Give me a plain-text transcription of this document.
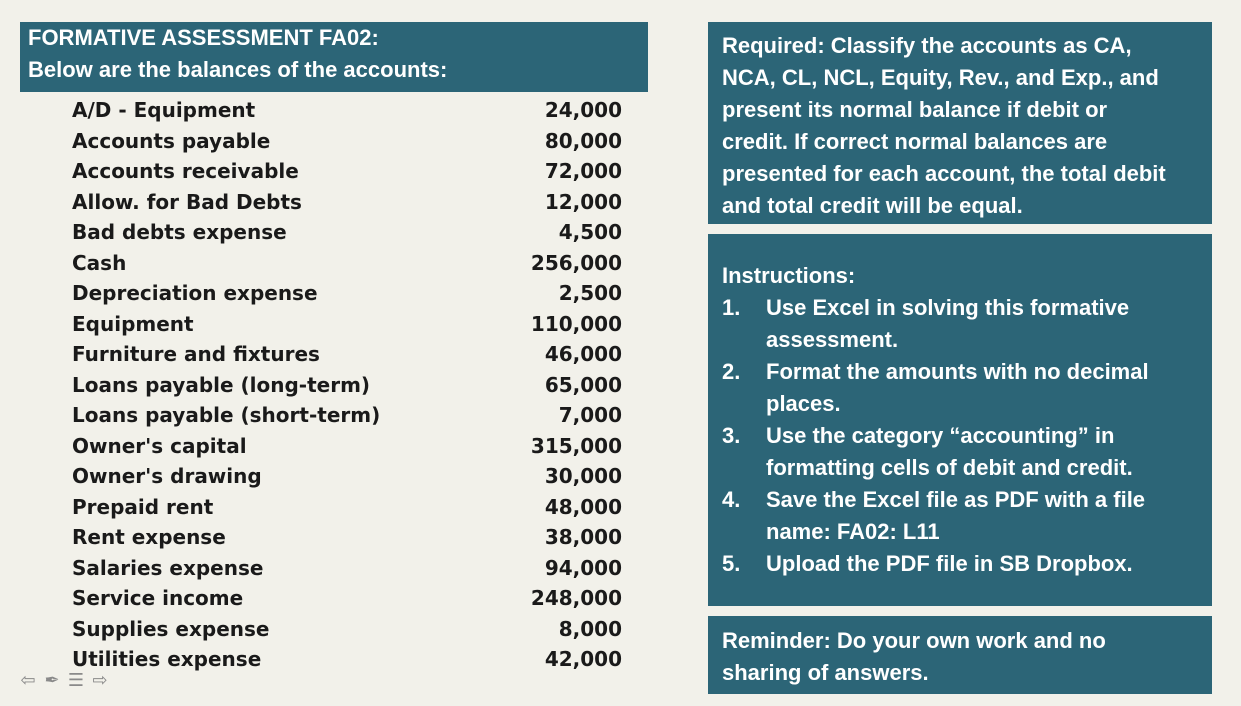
FORMATIVE ASSESSMENT FA02:
Below are the balances of the accounts:
A/D - Equipment	24,000
Accounts payable	80,000
Accounts receivable	72,000
Allow. for Bad Debts	12,000
Bad debts expense	4,500
Cash	256,000
Depreciation expense	2,500
Equipment	110,000
Furniture and fixtures	46,000
Loans payable (long-term)	65,000
Loans payable (short-term)	7,000
Owner's capital	315,000
Owner's drawing	30,000
Prepaid rent	48,000
Rent expense	38,000
Salaries expense	94,000
Service income	248,000
Supplies expense	8,000
Utilities expense	42,000
Required: Classify the accounts as CA,
NCA, CL, NCL, Equity, Rev., and Exp., and
present its normal balance if debit or
credit. If correct normal balances are
presented for each account, the total debit
and total credit will be equal.
Instructions:
1. Use Excel in solving this formative
assessment.
2. Format the amounts with no decimal
places.
3. Use the category “accounting” in
formatting cells of debit and credit.
4. Save the Excel file as PDF with a file
name: FA02: L11
5. Upload the PDF file in SB Dropbox.
Reminder: Do your own work and no
sharing of answers.
⇦ ✒ ☰ ⇨
